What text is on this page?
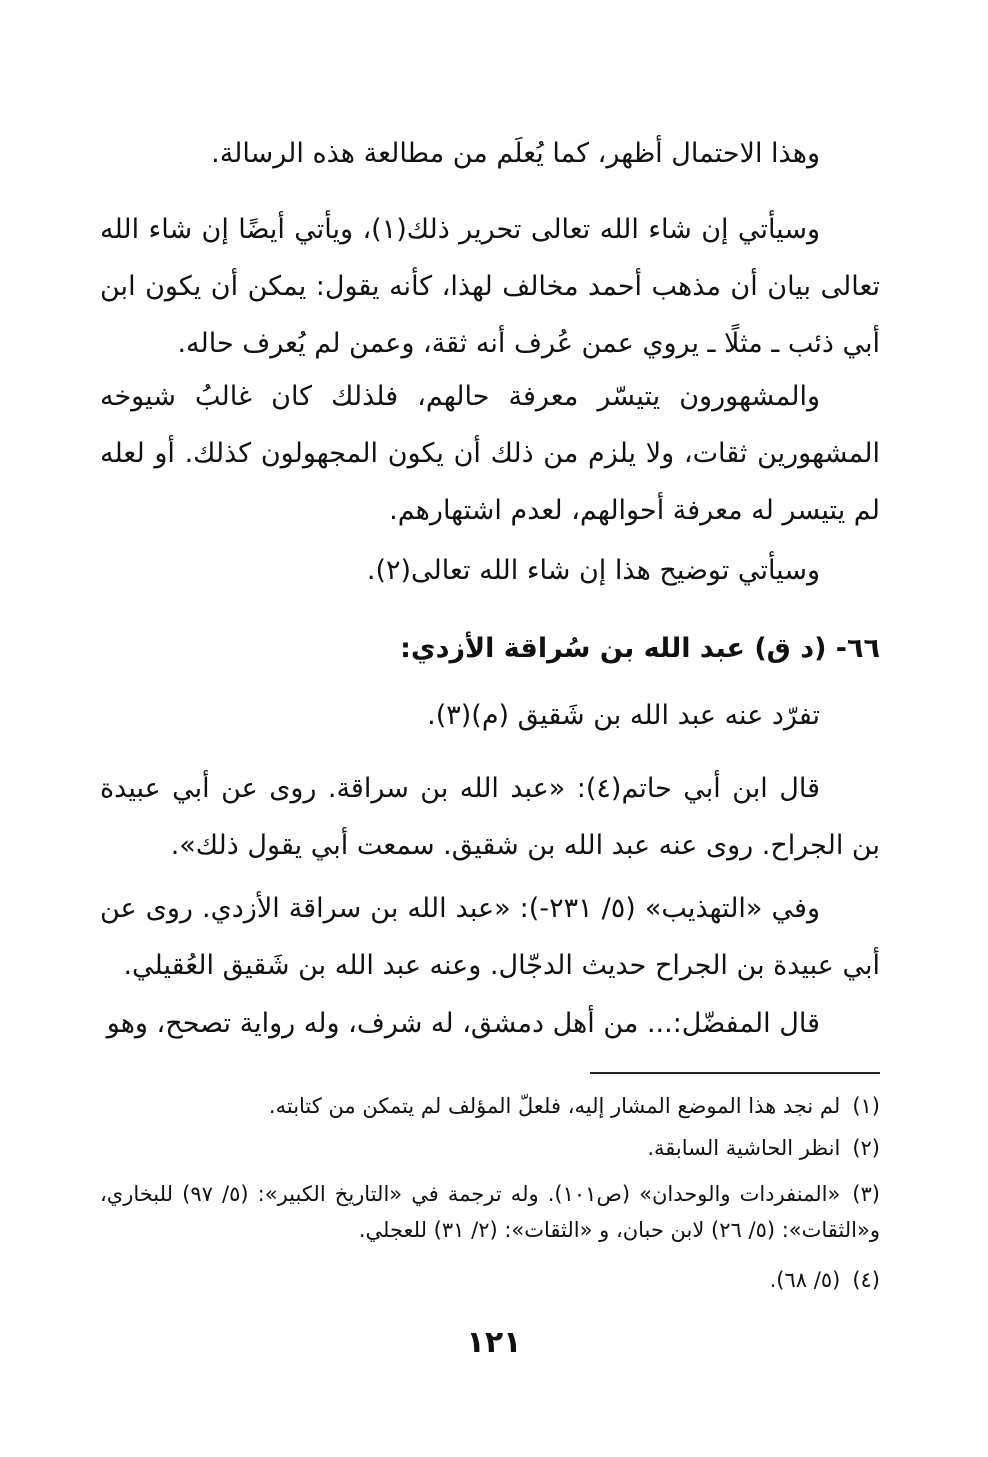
وهذا الاحتمال أظهر، كما يُعلَم من مطالعة هذه الرسالة.

وسيأتي إن شاء الله تعالى تحرير ذلك(١)، ويأتي أيضًا إن شاء الله تعالى بيان أن مذهب أحمد مخالف لهذا، كأنه يقول: يمكن أن يكون ابن أبي ذئب ـ مثلًا ـ يروي عمن عُرف أنه ثقة، وعمن لم يُعرف حاله.

والمشهورون يتيسّر معرفة حالهم، فلذلك كان غالبُ شيوخه المشهورين ثقات، ولا يلزم من ذلك أن يكون المجهولون كذلك. أو لعله لم يتيسر له معرفة أحوالهم، لعدم اشتهارهم.

وسيأتي توضيح هذا إن شاء الله تعالى(٢).

٦٦- (د ق) عبد الله بن سُراقة الأزدي:

تفرّد عنه عبد الله بن شَقيق (م)(٣).

قال ابن أبي حاتم(٤): «عبد الله بن سراقة. روى عن أبي عبيدة بن الجراح. روى عنه عبد الله بن شقيق. سمعت أبي يقول ذلك».

وفي «التهذيب» (٥/ ٢٣١-): «عبد الله بن سراقة الأزدي. روى عن أبي عبيدة بن الجراح حديث الدجّال. وعنه عبد الله بن شَقيق العُقيلي.

قال المفضّل:... من أهل دمشق، له شرف، وله رواية تصحح، وهو

(١)لم نجد هذا الموضع المشار إليه، فلعلّ المؤلف لم يتمكن من كتابته.

(٢)انظر الحاشية السابقة.

(٣)«المنفردات والوحدان» (ص١٠١). وله ترجمة في «التاريخ الكبير»: (٥/ ٩٧) للبخاري، و«الثقات»: (٥/ ٢٦) لابن حبان، و «الثقات»: (٢/ ٣١) للعجلي.

(٤)(٥/ ٦٨).

١٢١
